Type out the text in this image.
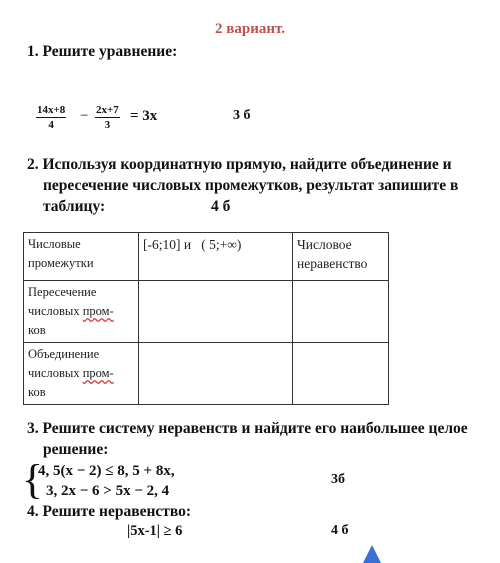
2 вариант.
1. Решите уравнение:
$\frac{14x+8}{4} - \frac{2x+7}{3} = 3x$	3 б
2. Используя координатную прямую, найдите объединение и
пересечение числовых промежутков, результат запишите в
таблицу:	4 б
Числовые промежутки	[-6;10] и ( 5;+∞)	Числовое неравенство
Пересечение числовых пром-
ков		
Объединение числовых пром-
ков		
3. Решите систему неравенств и найдите его наибольшее целое
решение:
{
4, 5(x − 2) ≤ 8, 5 + 8x,
3, 2x − 6 > 5x − 2, 4
3б
4. Решите неравенство:
|5x-1| ≥ 6	4 б
